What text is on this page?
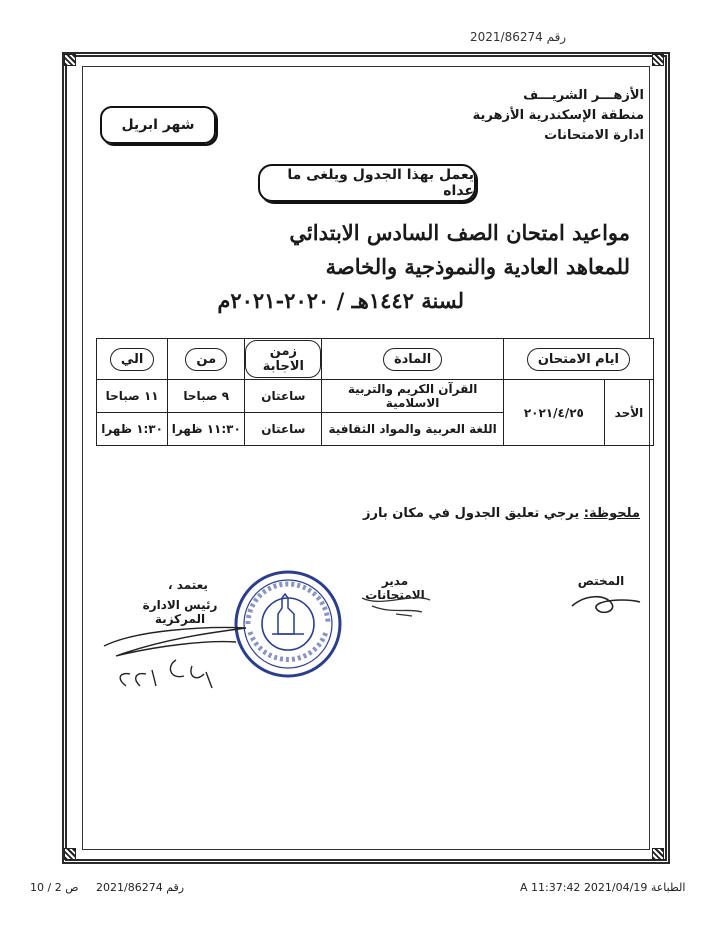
رقم 2021/86274
الأزهـــر الشريـــف
منطقة الإسكندرية الأزهرية
ادارة الامتحانات
شهر ابريل
يعمل بهذا الجدول ويلغى ما عداه
مواعيد امتحان الصف السادس الابتدائي
للمعاهد العادية والنموذجية والخاصة
لسنة ١٤٤٢هـ / ٢٠٢٠-٢٠٢١م
ايام الامتحان		المادة	زمن الاجابة	من	الي
الأحد	٢٠٢١/٤/٢٥	القرآن الكريم والتربية الاسلامية	ساعتان	٩ صباحا	١١ صباحا
		اللغة العربية والمواد الثقافية	ساعتان	١١:٣٠ ظهرا	١:٣٠ ظهرا
ملحوظة: يرجي تعليق الجدول في مكان بارز
المختص
مدير الامتحانات
يعتمد ،
رئيس الادارة المركزية
الطباعة 2021/04/19 11:37:42 A
رقم 2021/86274
ص 2 / 10
